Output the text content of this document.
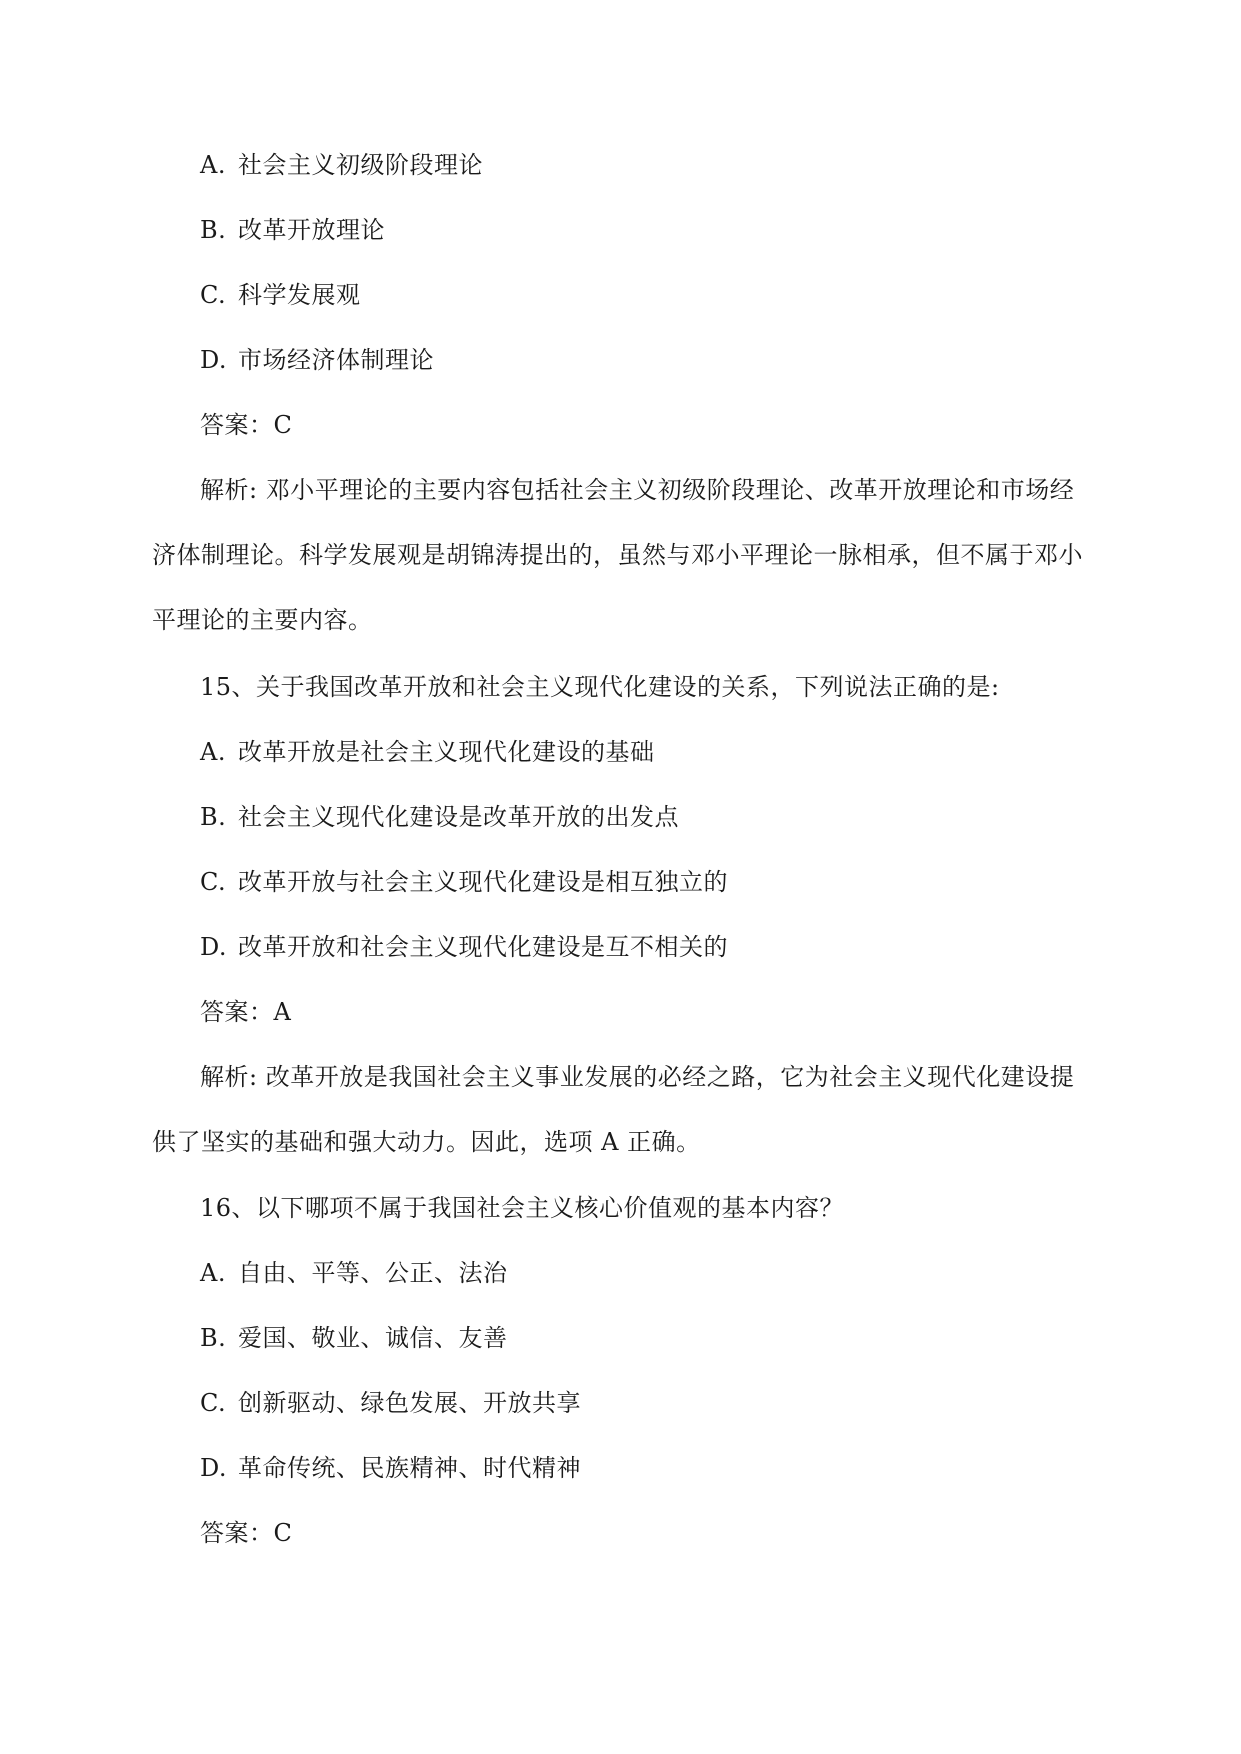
A. 社会主义初级阶段理论
B. 改革开放理论
C. 科学发展观
D. 市场经济体制理论
答案：C
解析: 邓小平理论的主要内容包括社会主义初级阶段理论、改革开放理论和市场经济体制理论。科学发展观是胡锦涛提出的，虽然与邓小平理论一脉相承，但不属于邓小平理论的主要内容。
15、关于我国改革开放和社会主义现代化建设的关系，下列说法正确的是:
A. 改革开放是社会主义现代化建设的基础
B. 社会主义现代化建设是改革开放的出发点
C. 改革开放与社会主义现代化建设是相互独立的
D. 改革开放和社会主义现代化建设是互不相关的
答案：A
解析: 改革开放是我国社会主义事业发展的必经之路，它为社会主义现代化建设提供了坚实的基础和强大动力。因此，选项 A 正确。
16、以下哪项不属于我国社会主义核心价值观的基本内容？
A. 自由、平等、公正、法治
B. 爱国、敬业、诚信、友善
C. 创新驱动、绿色发展、开放共享
D. 革命传统、民族精神、时代精神
答案：C
